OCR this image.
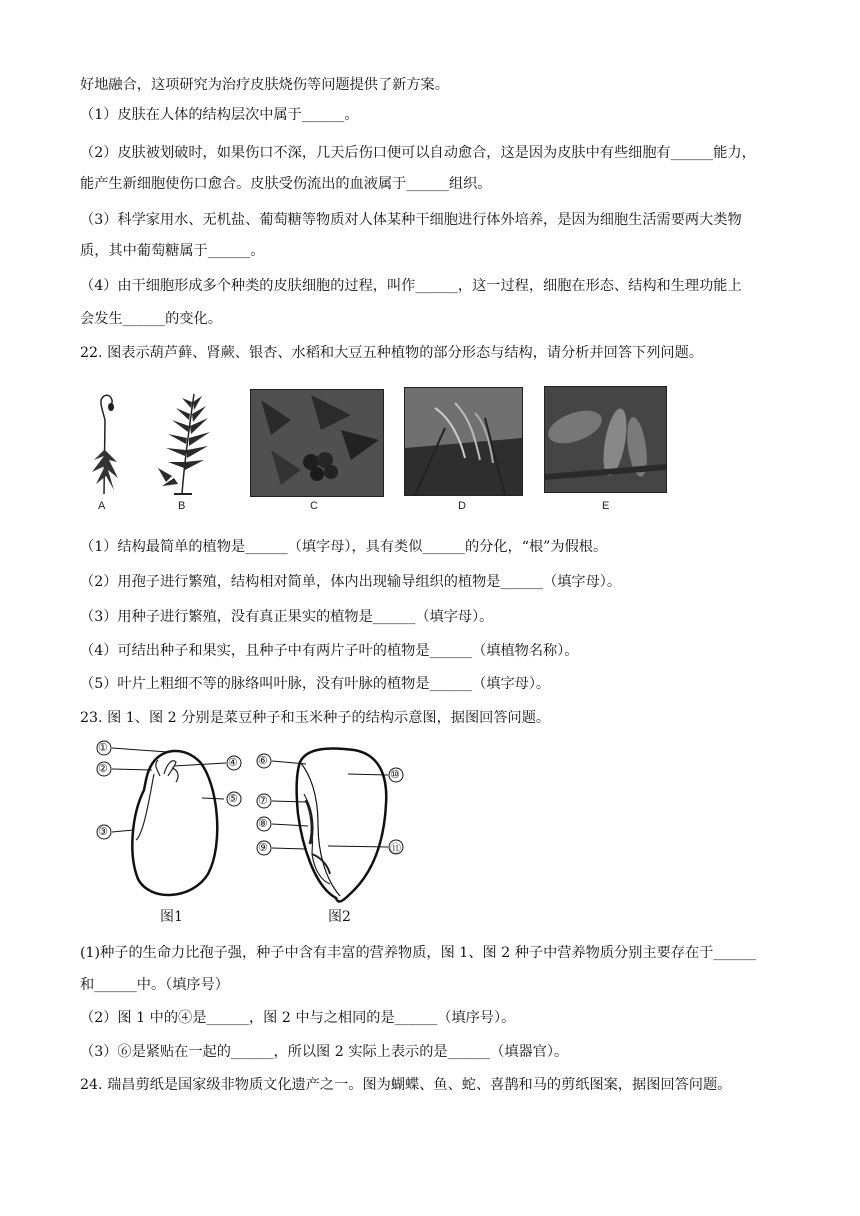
好地融合，这项研究为治疗皮肤烧伤等问题提供了新方案。
（1）皮肤在人体的结构层次中属于______。
（2）皮肤被划破时，如果伤口不深，几天后伤口便可以自动愈合，这是因为皮肤中有些细胞有______能力，
能产生新细胞使伤口愈合。皮肤受伤流出的血液属于______组织。
（3）科学家用水、无机盐、葡萄糖等物质对人体某种干细胞进行体外培养，是因为细胞生活需要两大类物
质，其中葡萄糖属于______。
（4）由干细胞形成多个种类的皮肤细胞的过程，叫作______，这一过程，细胞在形态、结构和生理功能上
会发生______的变化。
22. 图表示葫芦藓、肾蕨、银杏、水稻和大豆五种植物的部分形态与结构，请分析并回答下列问题。
A	B	C	D	E
（1）结构最简单的植物是______（填字母），具有类似______的分化，“根”为假根。
（2）用孢子进行繁殖，结构相对简单，体内出现输导组织的植物是______（填字母）。
（3）用种子进行繁殖，没有真正果实的植物是______（填字母）。
（4）可结出种子和果实，且种子中有两片子叶的植物是______（填植物名称）。
（5）叶片上粗细不等的脉络叫叶脉，没有叶脉的植物是______（填字母）。
23. 图 1、图 2 分别是菜豆种子和玉米种子的结构示意图，据图回答问题。
①
②
③
④
⑤
⑥
⑦
⑧
⑨
⑩
⑪
图1	图2
(1)种子的生命力比孢子强，种子中含有丰富的营养物质，图 1、图 2 种子中营养物质分别主要存在于______
和______中。（填序号）
（2）图 1 中的④是______，图 2 中与之相同的是______（填序号）。
（3）⑥是紧贴在一起的______，所以图 2 实际上表示的是______（填器官）。
24. 瑞昌剪纸是国家级非物质文化遗产之一。图为蝴蝶、鱼、蛇、喜鹊和马的剪纸图案，据图回答问题。
